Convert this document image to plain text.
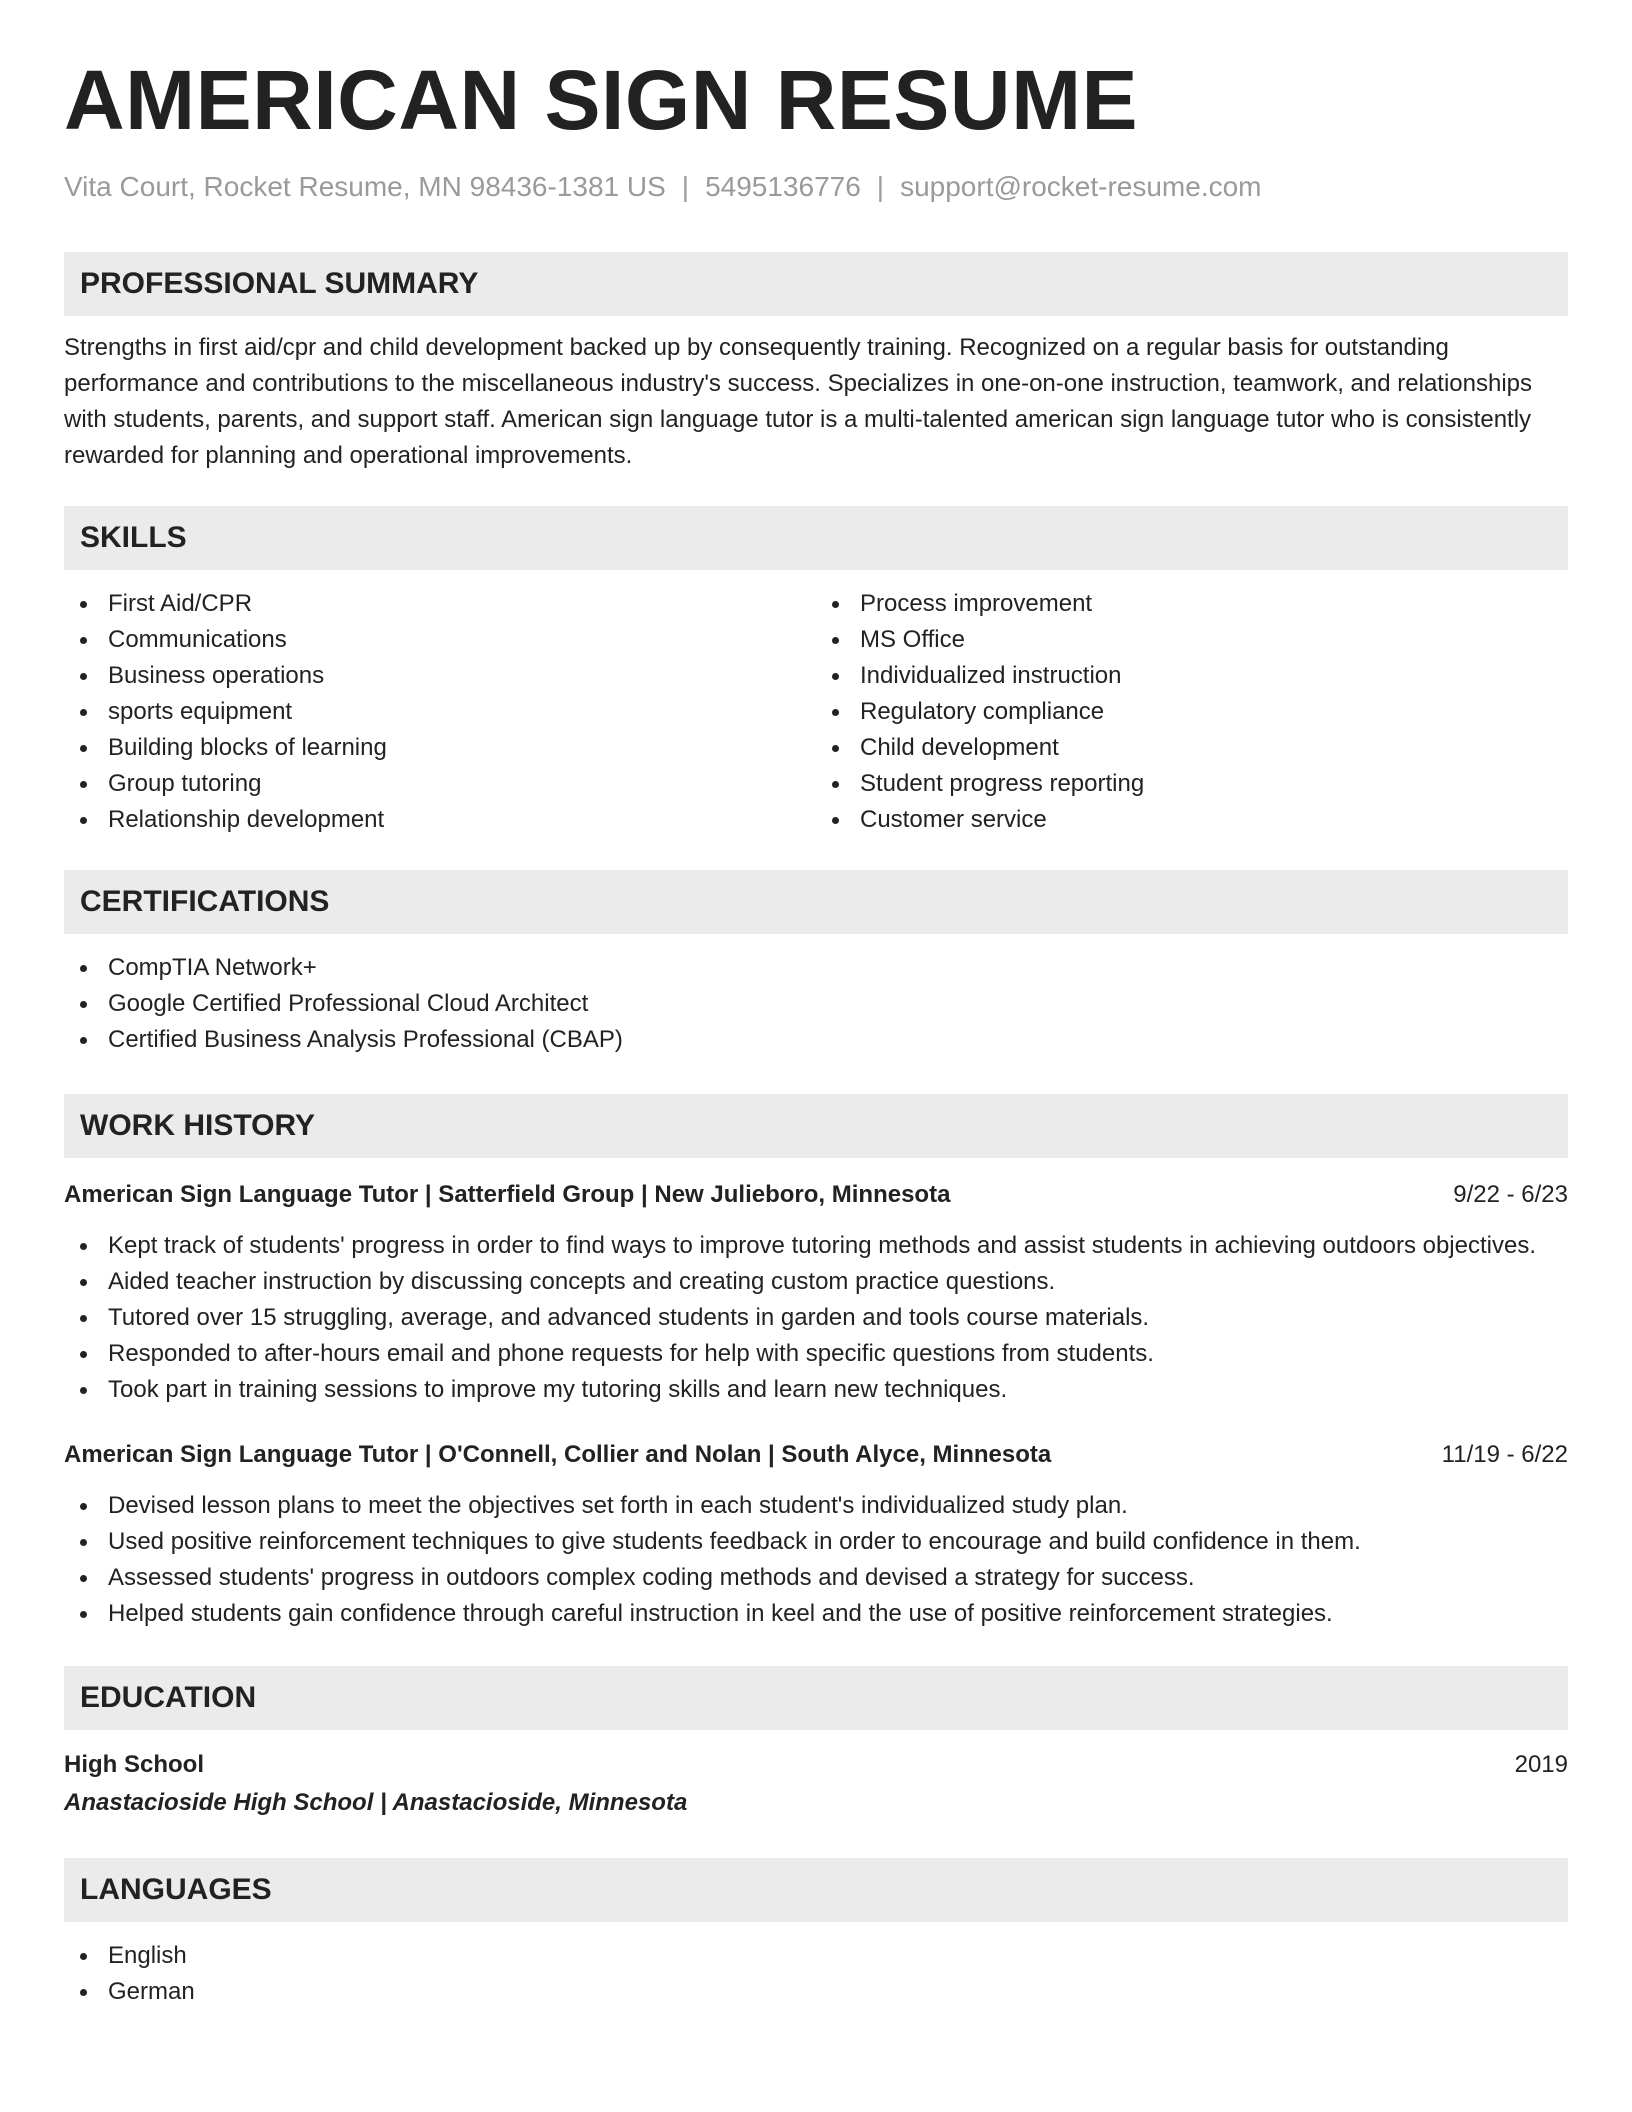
AMERICAN SIGN RESUME
Vita Court, Rocket Resume, MN 98436-1381 US | 5495136776 | support@rocket-resume.com
PROFESSIONAL SUMMARY

Strengths in first aid/cpr and child development backed up by consequently training. Recognized on a regular basis for outstanding performance and contributions to the miscellaneous industry's success. Specializes in one-on-one instruction, teamwork, and relationships with students, parents, and support staff. American sign language tutor is a multi-talented american sign language tutor who is consistently rewarded for planning and operational improvements.

SKILLS
First Aid/CPR
Communications
Business operations
sports equipment
Building blocks of learning
Group tutoring
Relationship development
Process improvement
MS Office
Individualized instruction
Regulatory compliance
Child development
Student progress reporting
Customer service
CERTIFICATIONS
CompTIA Network+
Google Certified Professional Cloud Architect
Certified Business Analysis Professional (CBAP)
WORK HISTORY
American Sign Language Tutor | Satterfield Group | New Julieboro, Minnesota	9/22 - 6/23
Kept track of students' progress in order to find ways to improve tutoring methods and assist students in achieving outdoors objectives.
Aided teacher instruction by discussing concepts and creating custom practice questions.
Tutored over 15 struggling, average, and advanced students in garden and tools course materials.
Responded to after-hours email and phone requests for help with specific questions from students.
Took part in training sessions to improve my tutoring skills and learn new techniques.
American Sign Language Tutor | O'Connell, Collier and Nolan | South Alyce, Minnesota	11/19 - 6/22
Devised lesson plans to meet the objectives set forth in each student's individualized study plan.
Used positive reinforcement techniques to give students feedback in order to encourage and build confidence in them.
Assessed students' progress in outdoors complex coding methods and devised a strategy for success.
Helped students gain confidence through careful instruction in keel and the use of positive reinforcement strategies.
EDUCATION
High School	2019
Anastacioside High School | Anastacioside, Minnesota
LANGUAGES
English
German
